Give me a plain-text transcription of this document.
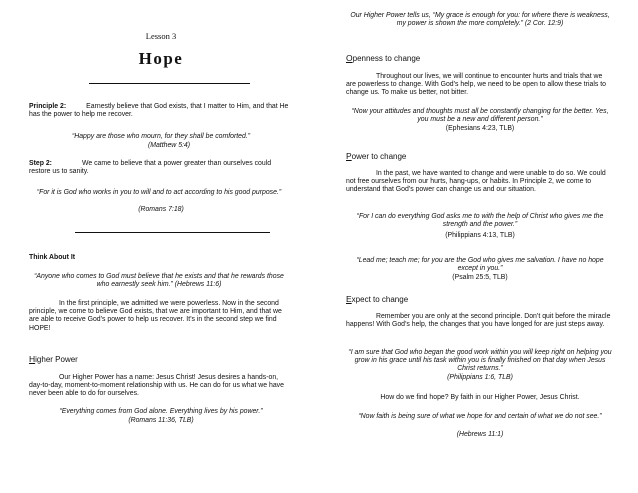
Lesson 3
Hope
Principle 2:	Earnestly believe that God exists, that I matter to Him, and that He has the power to help me recover.
“Happy are those who mourn, for they shall be comforted.”
(Matthew 5:4)
Step 2:	We came to believe that a power greater than ourselves could restore us to sanity.
“For it is God who works in you to will and to act according to his good purpose.”
(Romans 7:18)
Think About It
“Anyone who comes to God must believe that he exists and that he rewards those who earnestly seek him.” (Hebrews 11:6)
In the first principle, we admitted we were powerless. Now in the second principle, we come to believe God exists, that we are important to Him, and that we are able to receive God’s power to help us recover. It’s in the second step we find HOPE!
Higher Power
Our Higher Power has a name: Jesus Christ! Jesus desires a hands-on, day-to-day, moment-to-moment relationship with us. He can do for us what we have never been able to do for ourselves.
“Everything comes from God alone. Everything lives by his power.”
(Romans 11:36, TLB)
Our Higher Power tells us, “My grace is enough for you: for where there is weakness, my power is shown the more completely.” (2 Cor. 12:9)
Openness to change
Throughout our lives, we will continue to encounter hurts and trials that we are powerless to change. With God’s help, we need to be open to allow these trials to change us. To make us better, not bitter.
“Now your attitudes and thoughts must all be constantly changing for the better. Yes, you must be a new and different person.”
(Ephesians 4:23, TLB)
Power to change
In the past, we have wanted to change and were unable to do so. We could not free ourselves from our hurts, hang-ups, or habits. In Principle 2, we come to understand that God’s power can change us and our situation.
“For I can do everything God asks me to with the help of Christ who gives me the strength and the power.”
(Philippians 4:13, TLB)
“Lead me; teach me; for you are the God who gives me salvation. I have no hope except in you.”
(Psalm 25:5, TLB)
Expect to change
Remember you are only at the second principle. Don’t quit before the miracle happens! With God’s help, the changes that you have longed for are just steps away.
“I am sure that God who began the good work within you will keep right on helping you grow in his grace until his task within you is finally finished on that day when Jesus Christ returns.”
(Philippians 1:6, TLB)
How do we find hope? By faith in our Higher Power, Jesus Christ.
“Now faith is being sure of what we hope for and certain of what we do not see.”
(Hebrews 11:1)
